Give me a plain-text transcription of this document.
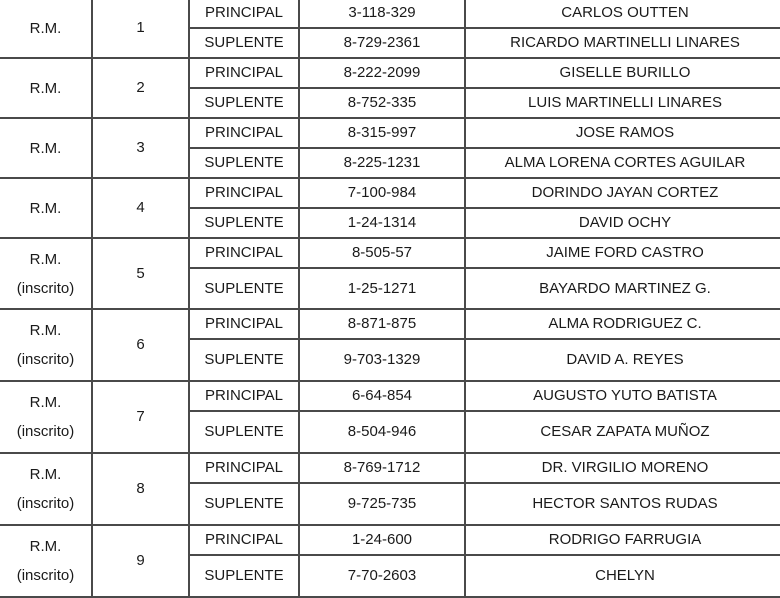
R.M.	1	PRINCIPAL	3-118-329	CARLOS OUTTEN
		SUPLENTE	8-729-2361	RICARDO MARTINELLI LINARES

R.M.	2	PRINCIPAL	8-222-2099	GISELLE BURILLO
		SUPLENTE	8-752-335	LUIS MARTINELLI LINARES

R.M.	3	PRINCIPAL	8-315-997	JOSE RAMOS
		SUPLENTE	8-225-1231	ALMA LORENA CORTES AGUILAR

R.M.	4	PRINCIPAL	7-100-984	DORINDO JAYAN CORTEZ
		SUPLENTE	1-24-1314	DAVID OCHY

R.M.
(inscrito)	5	PRINCIPAL	8-505-57	JAIME FORD CASTRO
		SUPLENTE	1-25-1271	BAYARDO MARTINEZ G.

R.M.
(inscrito)	6	PRINCIPAL	8-871-875	ALMA RODRIGUEZ C.
		SUPLENTE	9-703-1329	DAVID A. REYES

R.M.
(inscrito)	7	PRINCIPAL	6-64-854	AUGUSTO YUTO BATISTA
		SUPLENTE	8-504-946	CESAR ZAPATA MUÑOZ

R.M.
(inscrito)	8	PRINCIPAL	8-769-1712	DR. VIRGILIO MORENO
		SUPLENTE	9-725-735	HECTOR SANTOS RUDAS

R.M.
(inscrito)	9	PRINCIPAL	1-24-600	RODRIGO FARRUGIA
		SUPLENTE	7-70-2603	CHELYN
